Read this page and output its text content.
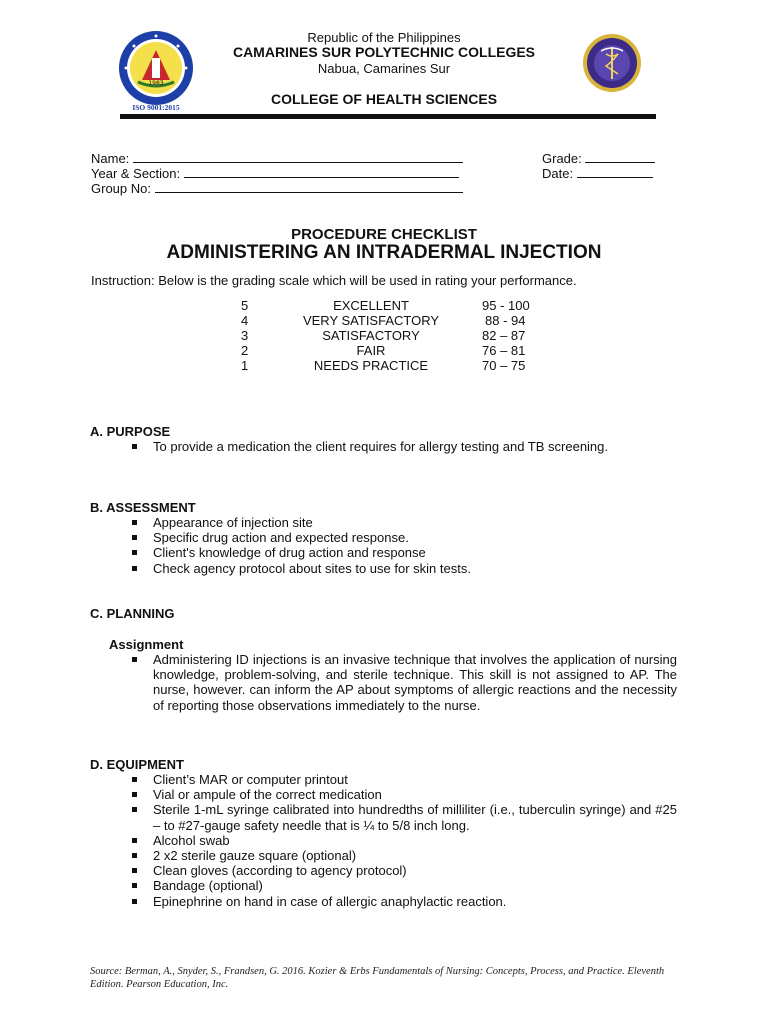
1983
ISO 9001:2015
Republic of the Philippines
CAMARINES SUR POLYTECHNIC COLLEGES
Nabua, Camarines Sur
COLLEGE OF HEALTH SCIENCES
Name:
Year & Section:
Group No:
Grade:
Date:
PROCEDURE CHECKLIST
ADMINISTERING AN INTRADERMAL INJECTION
Instruction: Below is the grading scale which will be used in rating your performance.
5	EXCELLENT	95 - 100
4	VERY SATISFACTORY	88 - 94
3	SATISFACTORY	82 – 87
2	FAIR	76 – 81
1	NEEDS PRACTICE	70 – 75
A. PURPOSE
To provide a medication the client requires for allergy testing and TB screening.
B. ASSESSMENT
Appearance of injection site
Specific drug action and expected response.
Client's knowledge of drug action and response
Check agency protocol about sites to use for skin tests.
C. PLANNING
Assignment
Administering ID injections is an invasive technique that involves the application of nursing knowledge, problem-solving, and sterile technique. This skill is not assigned to AP. The nurse, however. can inform the AP about symptoms of allergic reactions and the necessity of reporting those observations immediately to the nurse.
D. EQUIPMENT
Client’s MAR or computer printout
Vial or ampule of the correct medication
Sterile 1-mL syringe calibrated into hundredths of milliliter (i.e., tuberculin syringe) and #25 – to #27-gauge safety needle that is ¼ to 5/8 inch long.
Alcohol swab
2 x2 sterile gauze square (optional)
Clean gloves (according to agency protocol)
Bandage (optional)
Epinephrine on hand in case of allergic anaphylactic reaction.
Source: Berman, A., Snyder, S., Frandsen, G. 2016. Kozier & Erbs Fundamentals of Nursing: Concepts, Process, and Practice. Eleventh Edition. Pearson Education, Inc.
